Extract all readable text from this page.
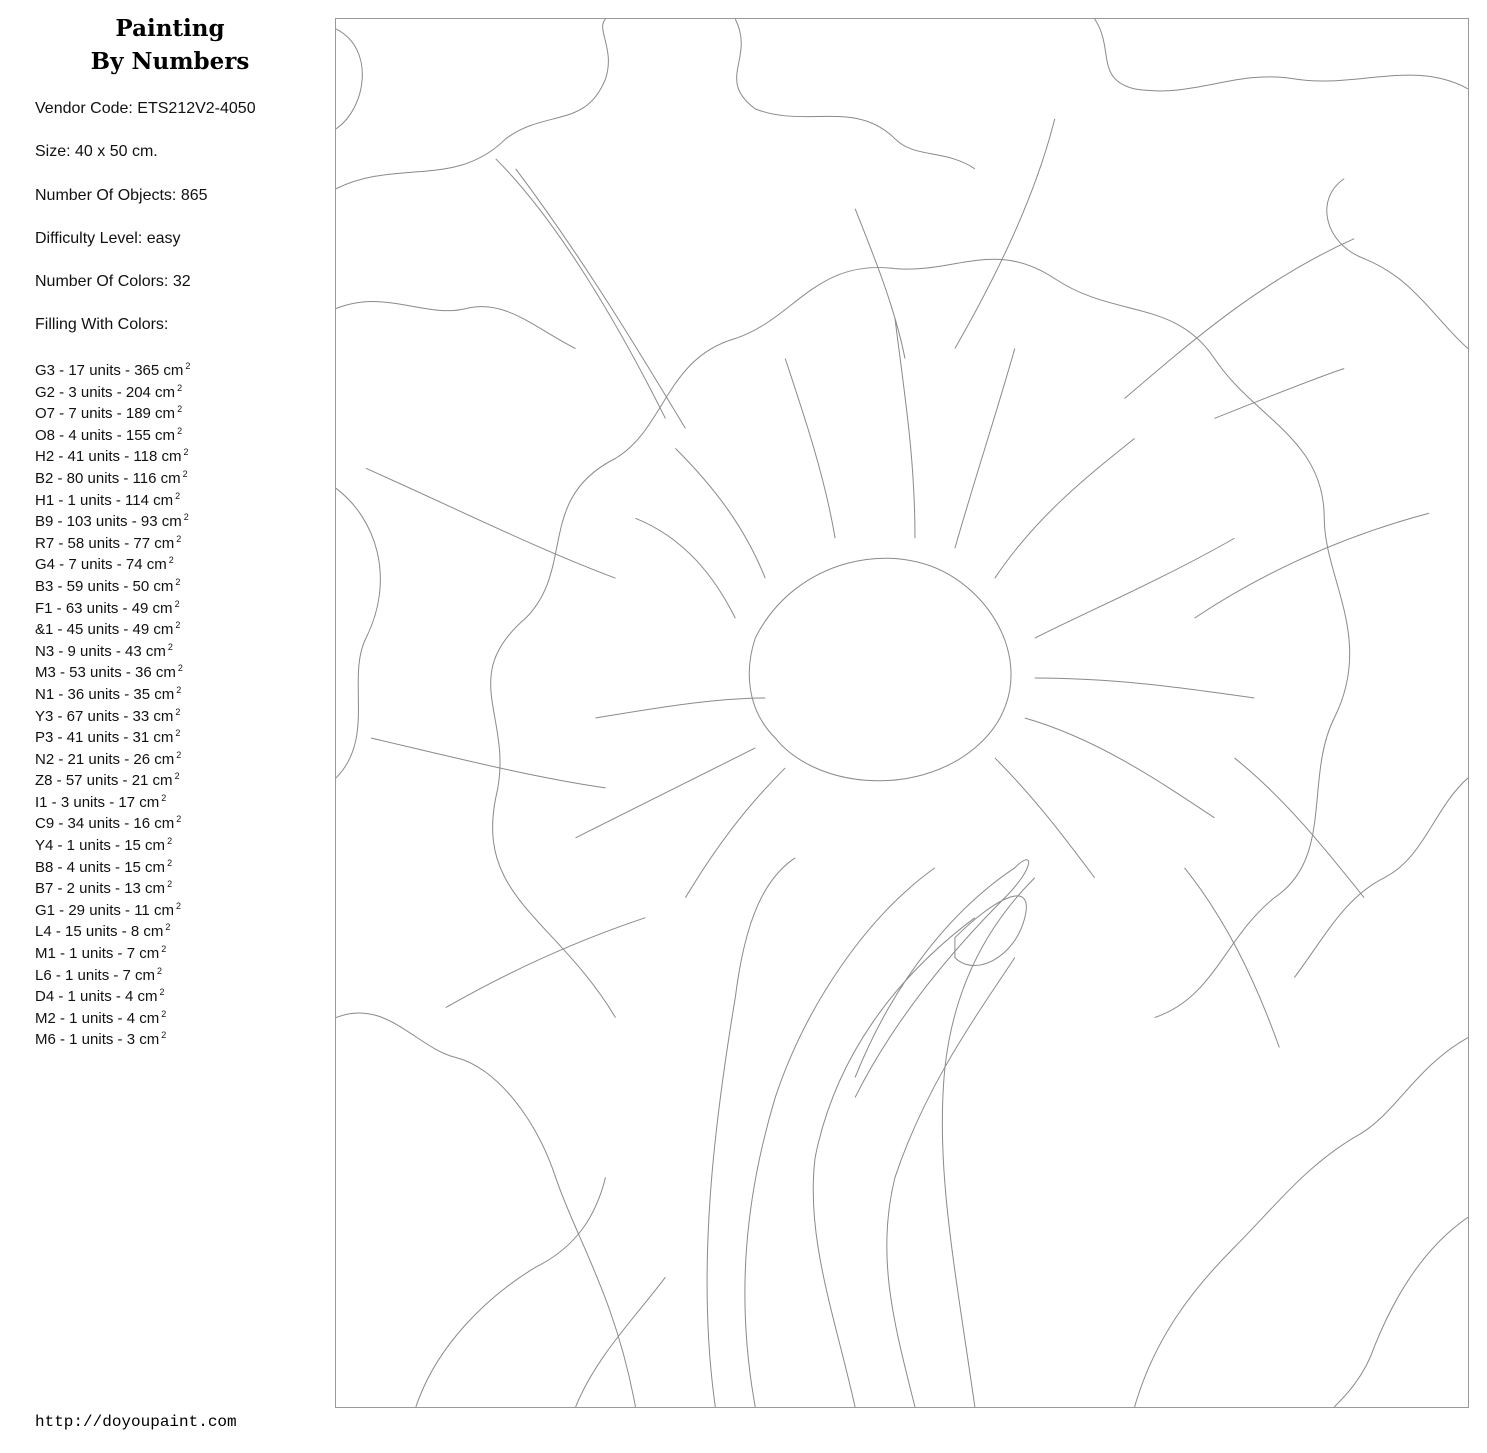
Painting
By Numbers
Vendor Code: ETS212V2-4050
Size: 40 x 50 cm.
Number Of Objects: 865
Difficulty Level: easy
Number Of Colors: 32
Filling With Colors:
G3 - 17 units - 365 cm $^2$
G2 - 3 units - 204 cm $^2$
O7 - 7 units - 189 cm $^2$
O8 - 4 units - 155 cm $^2$
H2 - 41 units - 118 cm $^2$
B2 - 80 units - 116 cm $^2$
H1 - 1 units - 114 cm $^2$
B9 - 103 units - 93 cm $^2$
R7 - 58 units - 77 cm $^2$
G4 - 7 units - 74 cm $^2$
B3 - 59 units - 50 cm $^2$
F1 - 63 units - 49 cm $^2$
&1 - 45 units - 49 cm $^2$
N3 - 9 units - 43 cm $^2$
M3 - 53 units - 36 cm $^2$
N1 - 36 units - 35 cm $^2$
Y3 - 67 units - 33 cm $^2$
P3 - 41 units - 31 cm $^2$
N2 - 21 units - 26 cm $^2$
Z8 - 57 units - 21 cm $^2$
I1 - 3 units - 17 cm $^2$
C9 - 34 units - 16 cm $^2$
Y4 - 1 units - 15 cm $^2$
B8 - 4 units - 15 cm $^2$
B7 - 2 units - 13 cm $^2$
G1 - 29 units - 11 cm $^2$
L4 - 15 units - 8 cm $^2$
M1 - 1 units - 7 cm $^2$
L6 - 1 units - 7 cm $^2$
D4 - 1 units - 4 cm $^2$
M2 - 1 units - 4 cm $^2$
M6 - 1 units - 3 cm $^2$
http://doyoupaint.com
